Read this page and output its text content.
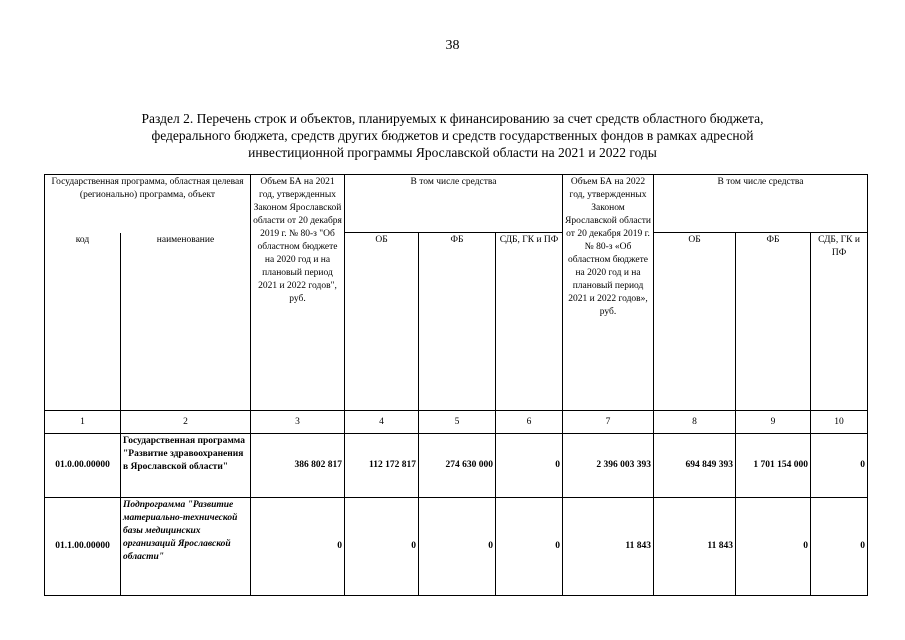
38
Раздел 2. Перечень строк и объектов, планируемых к финансированию за счет средств областного бюджета,
федерального бюджета, средств других бюджетов и средств государственных фондов в рамках адресной
инвестиционной программы Ярославской области на 2021 и 2022 годы
Государственная программа, областная целевая (регионально) программа, объект		Объем БА на 2021 год, утвержденных Законом Ярославской области от 20 декабря 2019 г. № 80-з "Об областном бюджете на 2020 год и на плановый период 2021 и 2022 годов", руб.	В том числе средства			Объем БА на 2022 год, утвержденных Законом Ярославской области от 20 декабря 2019 г. № 80-з «Об областном бюджете на 2020 год и на плановый период 2021 и 2022 годов», руб.	В том числе средства		
код	наименование		ОБ	ФБ	СДБ, ГК и ПФ		ОБ	ФБ	СДБ, ГК и ПФ
1	2	3	4	5	6	7	8	9	10
01.0.00.00000	Государственная программа "Развитие здравоохранения в Ярославской области"	386 802 817	112 172 817	274 630 000	0	2 396 003 393	694 849 393	1 701 154 000	0
01.1.00.00000	Подпрограмма "Развитие материально-технической базы медицинских организаций Ярославской области"	0	0	0	0	11 843	11 843	0	0
